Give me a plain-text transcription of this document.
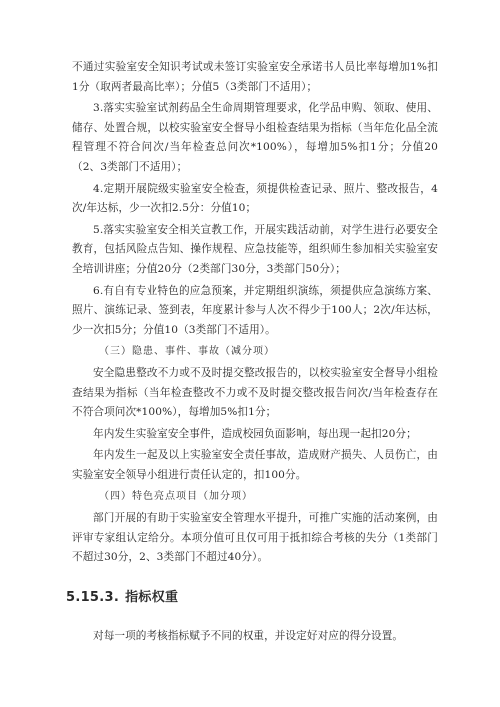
不通过实验室安全知识考试或未签订实验室安全承诺书人员比率每增加1%扣1分（取两者最高比率）；分值5（3类部门不适用）；

3.落实实验室试剂药品全生命周期管理要求，化学品申购、领取、使用、储存、处置合规，以校实验室安全督导小组检查结果为指标（当年危化品全流程管理不符合问次/当年检查总问次*100%），每增加5%扣1分；分值20（2、3类部门不适用）；

4.定期开展院级实验室安全检查，须提供检查记录、照片、整改报告，4次/年达标，少一次扣2.5分：分值10；

5.落实实验室安全相关宣教工作，开展实践活动前，对学生进行必要安全教育，包括风险点告知、操作规程、应急技能等，组织师生参加相关实验室安全培训讲座；分值20分（2类部门30分，3类部门50分）；

6.有自有专业特色的应急预案，并定期组织演练，须提供应急演练方案、照片、演练记录、签到表，年度累计参与人次不得少于100人；2次/年达标，少一次扣5分；分值10（3类部门不适用）。

（三）隐患、事件、事故（减分项）

安全隐患整改不力或不及时提交整改报告的，以校实验室安全督导小组检查结果为指标（当年检查整改不力或不及时提交整改报告问次/当年检查存在不符合项问次*100%），每增加5%扣1分；

年内发生实验室安全事件，造成校园负面影响，每出现一起扣20分；

年内发生一起及以上实验室安全责任事故，造成财产损失、人员伤亡，由实验室安全领导小组进行责任认定的，扣100分。

（四）特色亮点项目（加分项）

部门开展的有助于实验室安全管理水平提升，可推广实施的活动案例，由评审专家组认定给分。本项分值可且仅可用于抵扣综合考核的失分（1类部门不超过30分，2、3类部门不超过40分）。

5.15.3. 指标权重

对每一项的考核指标赋予不同的权重，并设定好对应的得分设置。
